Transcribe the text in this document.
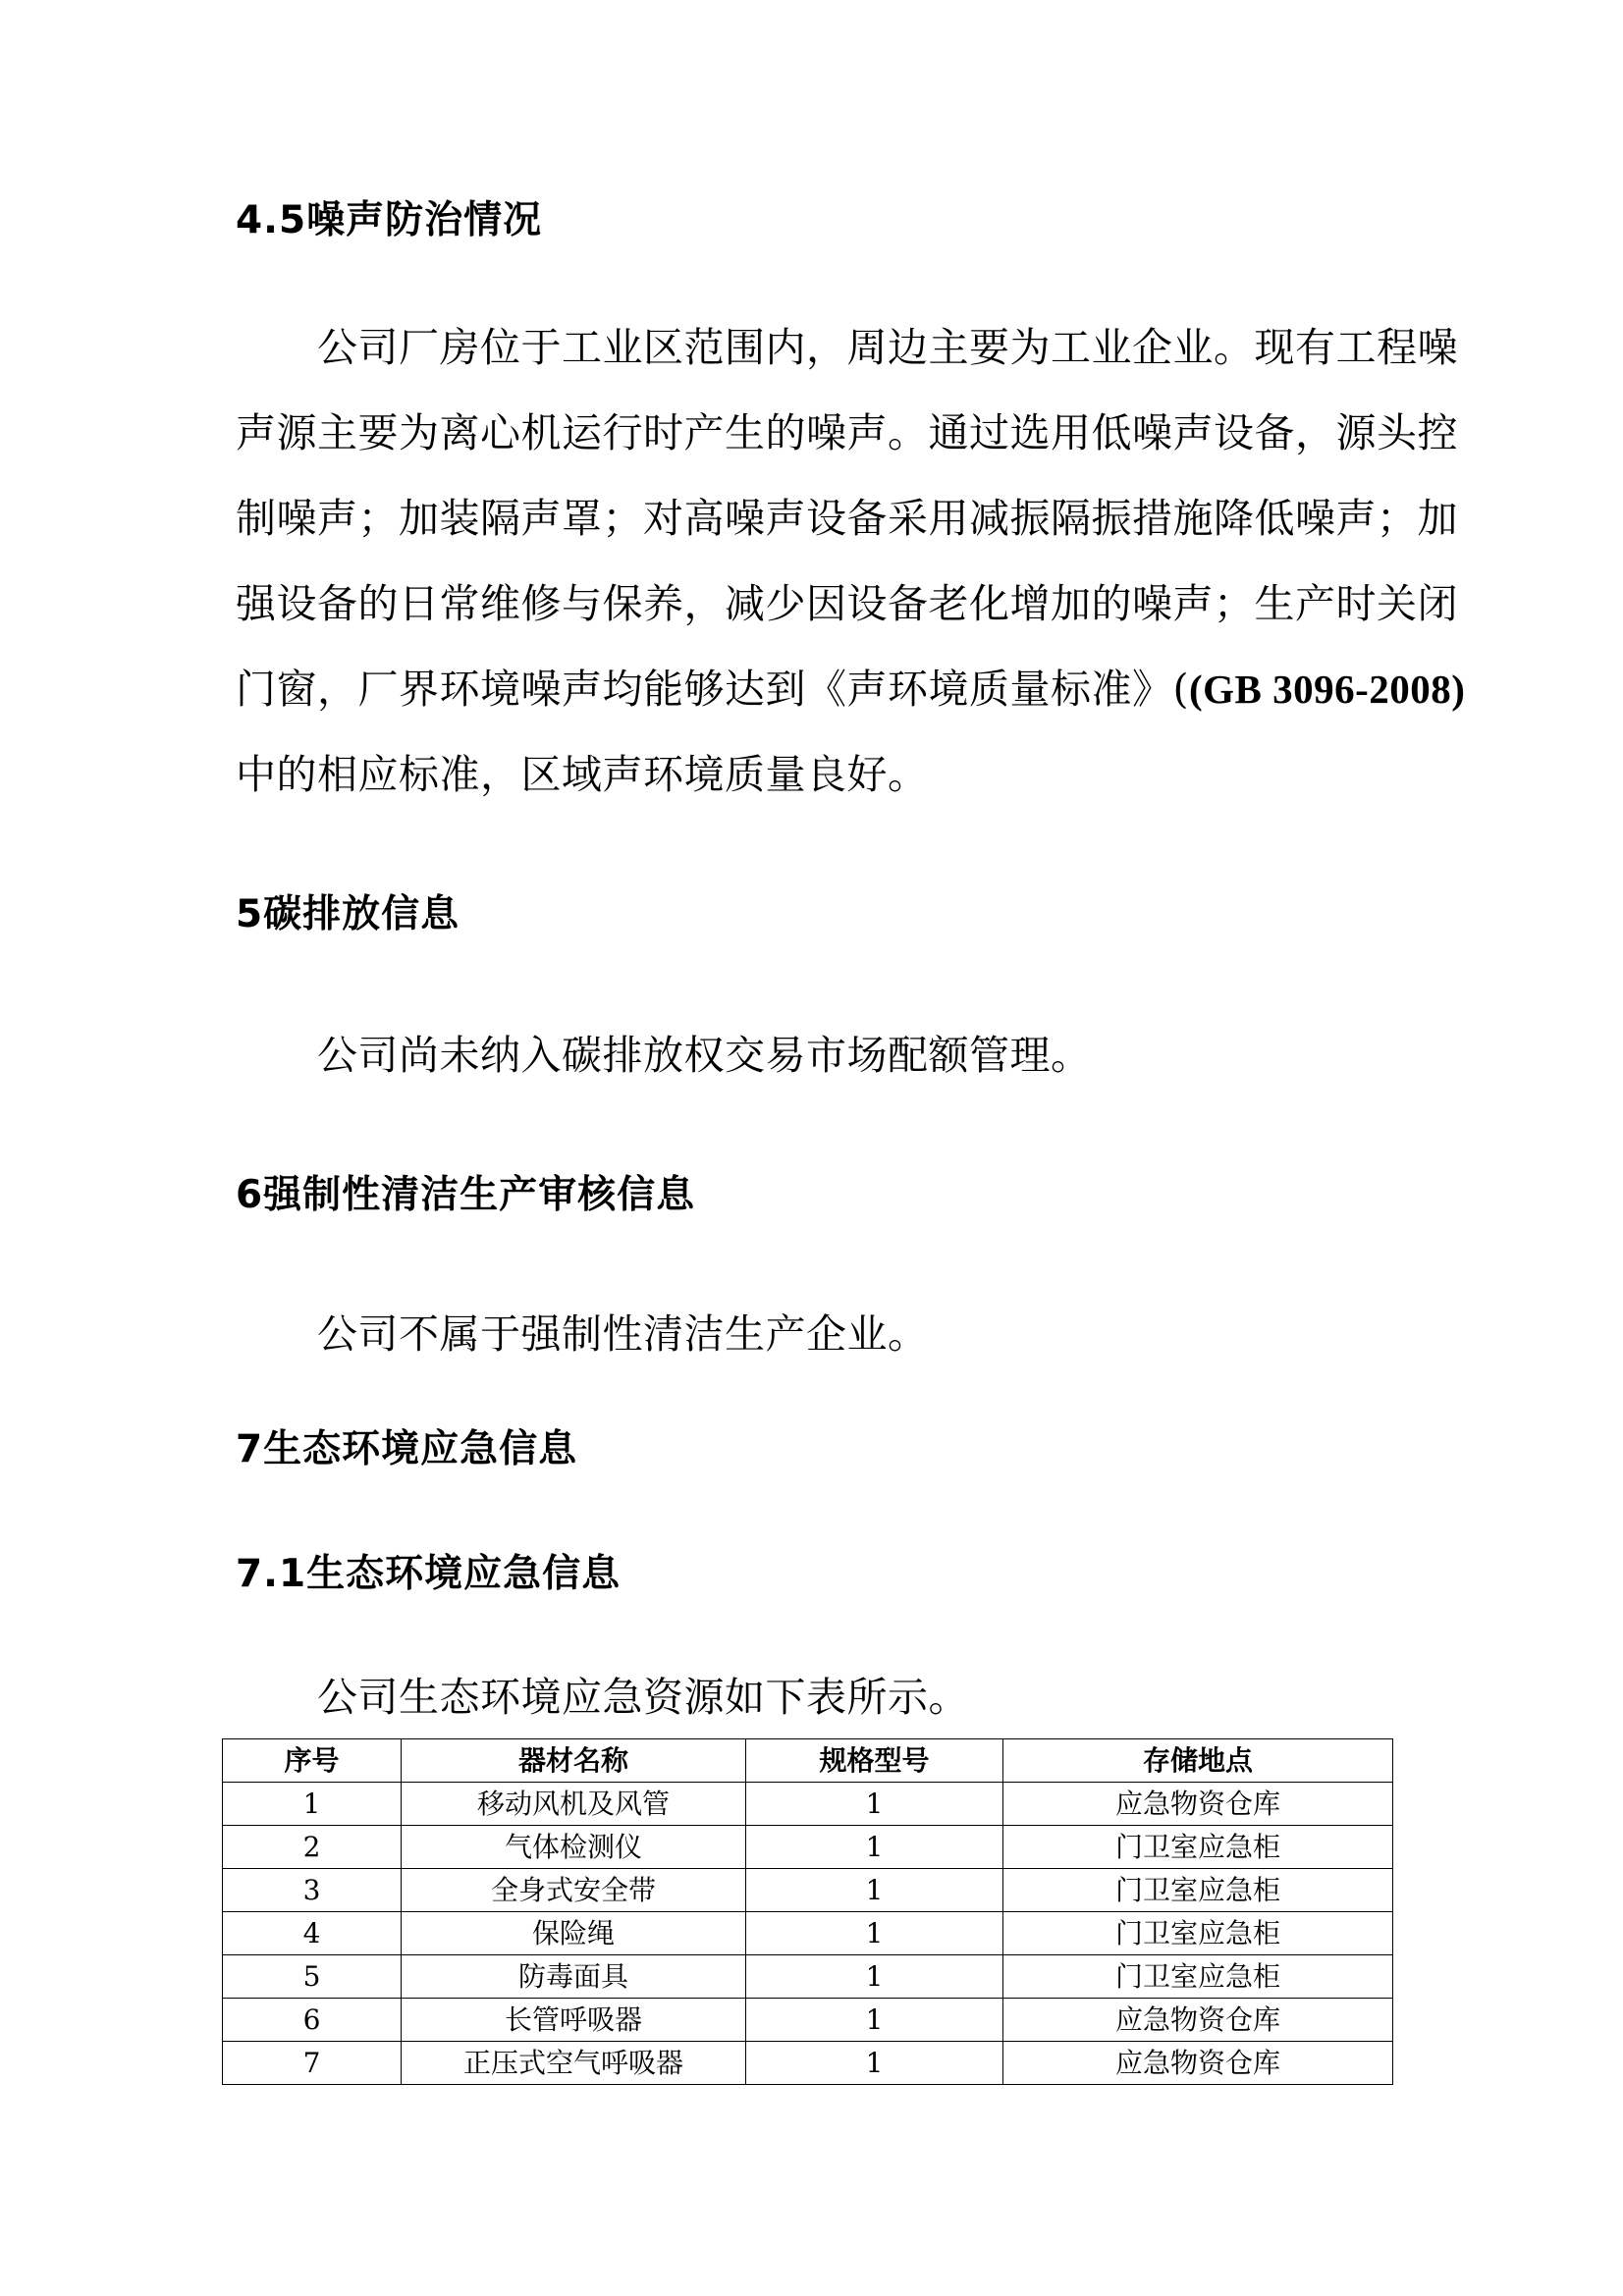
4.5噪声防治情况
公司厂房位于工业区范围内，周边主要为工业企业。现有工程噪
声源主要为离心机运行时产生的噪声。通过选用低噪声设备，源头控
制噪声；加装隔声罩；对高噪声设备采用减振隔振措施降低噪声；加
强设备的日常维修与保养，减少因设备老化增加的噪声；生产时关闭
门窗，厂界环境噪声均能够达到《声环境质量标准》((GB 3096-2008)
中的相应标准，区域声环境质量良好。
5碳排放信息
公司尚未纳入碳排放权交易市场配额管理。
6强制性清洁生产审核信息
公司不属于强制性清洁生产企业。
7生态环境应急信息
7.1生态环境应急信息
公司生态环境应急资源如下表所示。
序号	器材名称	规格型号	存储地点
1	移动风机及风管	1	应急物资仓库
2	气体检测仪	1	门卫室应急柜
3	全身式安全带	1	门卫室应急柜
4	保险绳	1	门卫室应急柜
5	防毒面具	1	门卫室应急柜
6	长管呼吸器	1	应急物资仓库
7	正压式空气呼吸器	1	应急物资仓库
